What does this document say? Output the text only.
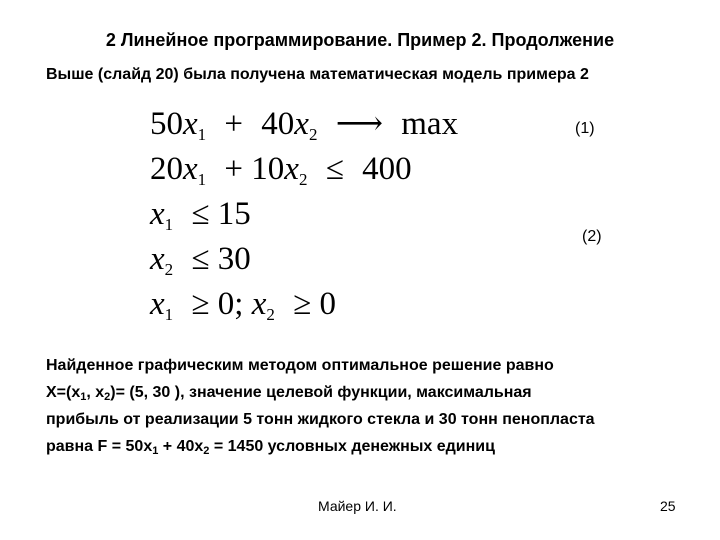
2 Линейное программирование. Пример 2. Продолжение
Выше (слайд 20) была получена математическая модель примера 2
$50x_1 + 40x_2$ ⟶ max
$20x_1 + 10x_2 \le 400$
$x_1 \le 15$
$x_2 \le 30$
$x_1 \ge 0$; $x_2 \ge 0$
(1)
(2)
Найденное графическим методом оптимальное решение равно
$X=(x_1$, $x_2)= (5$, 30 ), значение целевой функции, максимальная
прибыль от реализации 5 тонн жидкого стекла и 30 тонн пенопласта
равна $F = 50x_1 + 40x_2 = 1450$ условных денежных единиц
Майер И. И.	25
